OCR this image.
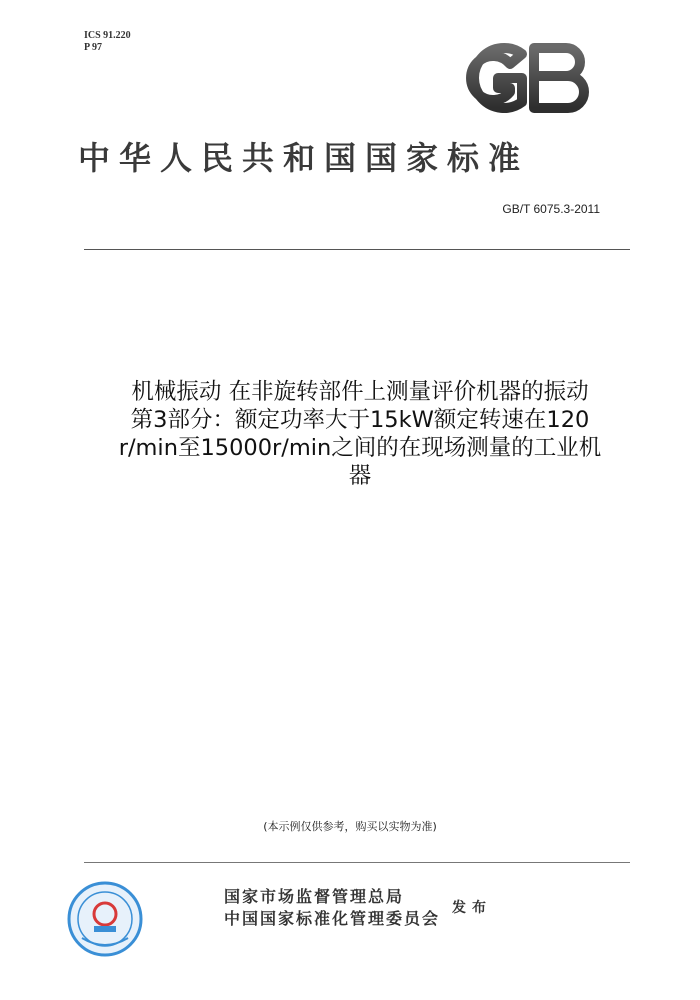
ICS 91.220
P 97
中华人民共和国国家标准
GB/T 6075.3-2011
机械振动 在非旋转部件上测量评价机器的振动
第3部分：额定功率大于15kW额定转速在120
r/min至15000r/min之间的在现场测量的工业机
器
(本示例仅供参考，购买以实物为准)
国家市场监督管理总局
中国国家标准化管理委员会
发布
